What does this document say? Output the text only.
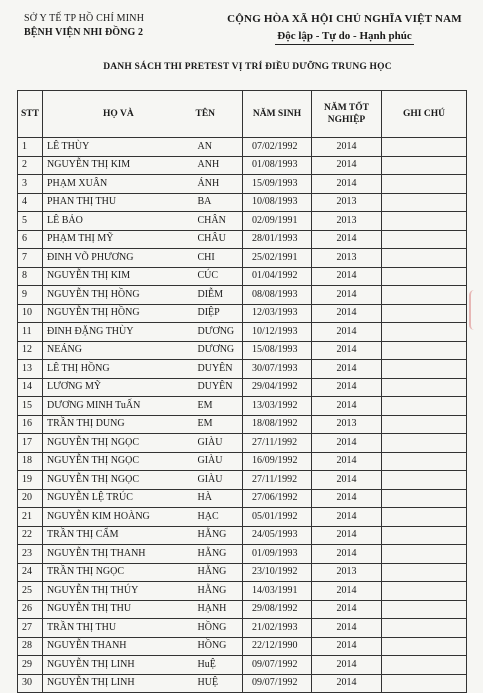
SỞ Y TẾ TP HỒ CHÍ MINH
BỆNH VIỆN NHI ĐỒNG 2
CỘNG HÒA XÃ HỘI CHỦ NGHĨA VIỆT NAM
Độc lập - Tự do - Hạnh phúc
DANH SÁCH THI PRETEST VỊ TRÍ ĐIỀU DƯỠNG TRUNG HỌC
STT	HỌ VÀ	TÊN	NĂM SINH	NĂM TỐT NGHIỆP	GHI CHÚ
1	LÊ THÙY	AN	07/02/1992	2014	
2	NGUYỄN THỊ KIM	ANH	01/08/1993	2014	
3	PHẠM XUÂN	ÁNH	15/09/1993	2014	
4	PHAN THỊ THU	BA	10/08/1993	2013	
5	LÊ BẢO	CHÂN	02/09/1991	2013	
6	PHẠM THỊ MỸ	CHÂU	28/01/1993	2014	
7	ĐINH VÕ PHƯƠNG	CHI	25/02/1991	2013	
8	NGUYỄN THỊ KIM	CÚC	01/04/1992	2014	
9	NGUYỄN THỊ HỒNG	DIỄM	08/08/1993	2014	
10	NGUYỄN THỊ HỒNG	DIỆP	12/03/1993	2014	
11	ĐINH ĐẶNG THÙY	DƯƠNG	10/12/1993	2014	
12	NEÁNG	DƯƠNG	15/08/1993	2014	
13	LÊ THỊ HỒNG	DUYÊN	30/07/1993	2014	
14	LƯƠNG MỸ	DUYÊN	29/04/1992	2014	
15	DƯƠNG MINH TuẤN	EM	13/03/1992	2014	
16	TRẦN THỊ DUNG	EM	18/08/1992	2013	
17	NGUYỄN THỊ NGỌC	GIÀU	27/11/1992	2014	
18	NGUYỄN THỊ NGỌC	GIÀU	16/09/1992	2014	
19	NGUYỄN THỊ NGỌC	GIÀU	27/11/1992	2014	
20	NGUYỄN LỆ TRÚC	HÀ	27/06/1992	2014	
21	NGUYỄN KIM HOÀNG	HẠC	05/01/1992	2014	
22	TRẦN THỊ CẨM	HẰNG	24/05/1993	2014	
23	NGUYỄN THỊ THANH	HẰNG	01/09/1993	2014	
24	TRẦN THỊ NGỌC	HẰNG	23/10/1992	2013	
25	NGUYỄN THỊ THÚY	HẰNG	14/03/1991	2014	
26	NGUYỄN THỊ THU	HẠNH	29/08/1992	2014	
27	TRẦN THỊ THU	HỒNG	21/02/1993	2014	
28	NGUYỄN THANH	HỒNG	22/12/1990	2014	
29	NGUYỄN THỊ LINH	HuỆ	09/07/1992	2014	
30	NGUYỄN THỊ LINH	HUỆ	09/07/1992	2014	
